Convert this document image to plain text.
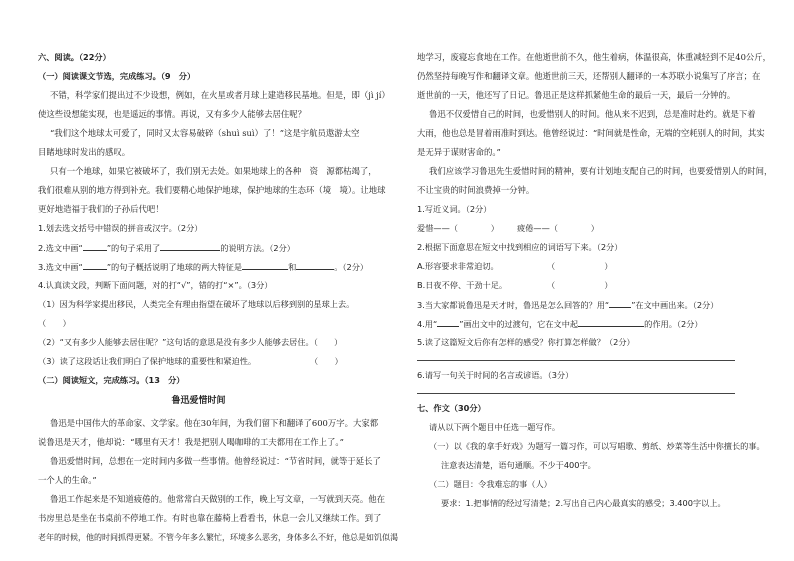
六、阅读。（22分）
（一）阅读课文节选，完成练习。（9　分）
不错，科学家们提出过不少设想，例如，在火星或者月球上建造移民基地。但是，即（jì jí）
使这些设想能实现，也是遥远的事情。再说，又有多少人能够去居住呢？
“我们这个地球太可爱了，同时又太容易破碎（shuì suì）了！”这是宇航员遨游太空
目睹地球时发出的感叹。
只有一个地球，如果它被破坏了，我们别无去处。如果地球上的各种　资　源都枯竭了，
我们很难从别的地方得到补充。我们要精心地保护地球，保护地球的生态环（境　境）。让地球
更好地造福于我们的子孙后代吧！
1.划去选文括号中错误的拼音或汉字。（2分）
2.选文中画“	”的句子采用了	的说明方法。（2分）
3.选文中画“	”的句子概括说明了地球的两大特征是	和	。（2分）
4.认真读文段，判断下面问题，对的打“√”，错的打“×”。（3分）
（1）因为科学家提出移民，人类完全有理由指望在破坏了地球以后移到别的星球上去。
（　　）
（2）“又有多少人能够去居住呢？”这句话的意思是没有多少人能够去居住。（　　）
（3）读了这段话让我们明白了保护地球的重要性和紧迫性。	（　　）
（二）阅读短文，完成练习。（13　分）
鲁迅爱惜时间
鲁迅是中国伟大的革命家、文学家。他在30年间，为我们留下和翻译了600万字。大家都
说鲁迅是天才，他却说：“哪里有天才！我是把别人喝咖啡的工夫都用在工作上了。”
鲁迅爱惜时间，总想在一定时间内多做一些事情。他曾经说过：“节省时间，就等于延长了
一个人的生命。”
鲁迅工作起来是不知道疲倦的。他常常白天做别的工作，晚上写文章，一写就到天亮。他在
书房里总是坐在书桌前不停地工作。有时也靠在藤椅上看看书，休息一会儿又继续工作。到了
老年的时候，他的时间抓得更紧。不管今年多么繁忙，环境多么恶劣，身体多么不好，他总是如饥似渴
地学习，废寝忘食地在工作。在他逝世前不久，他生着病，体温很高，体重减轻到不足40公斤，
仍然坚持每晚写作和翻译文章。他逝世前三天，还帮别人翻译的一本苏联小说集写了序言；在
逝世前的一天，他还写了日记。鲁迅正是这样抓紧他生命的最后一天，最后一分钟的。
鲁迅不仅爱惜自己的时间，也爱惜别人的时间。他从来不迟到，总是准时赴约。就是下着
大雨，他也总是冒着雨准时到达。他曾经说过：“时间就是性命，无端的空耗别人的时间，其实
是无异于谋财害命的。”
我们应该学习鲁迅先生爱惜时间的精神，要有计划地支配自己的时间，也要爱惜别人的时间，
不让宝贵的时间浪费掉一分钟。
1.写近义词。（2分）
爱惜——（　　　　） 疲倦——（　　　　）
2.根据下面意思在短文中找到相应的词语写下来。（2分）
A.形容要求非常迫切。	（　　　　　　）
B.日夜不停、干劲十足。	（　　　　　　）
3.当大家都说鲁迅是天才时，鲁迅是怎么回答的？用“	”在文中画出来。（2分）
4.用“	”画出文中的过渡句，它在文中起	的作用。（2分）
5.读了这篇短文后你有怎样的感受？你打算怎样做？（2分）
6.请写一句关于时间的名言或谚语。（3分）
七、作文（30分）
请从以下两个题目中任选一题写作。
（一）以《我的拿手好戏》为题写一篇习作，可以写唱歌、剪纸、炒菜等生活中你擅长的事。
注意表达清楚，语句通顺。不少于400字。
（二）题目：令我难忘的事（人）
要求：1.把事情的经过写清楚；2.写出自己内心最真实的感受；3.400字以上。
